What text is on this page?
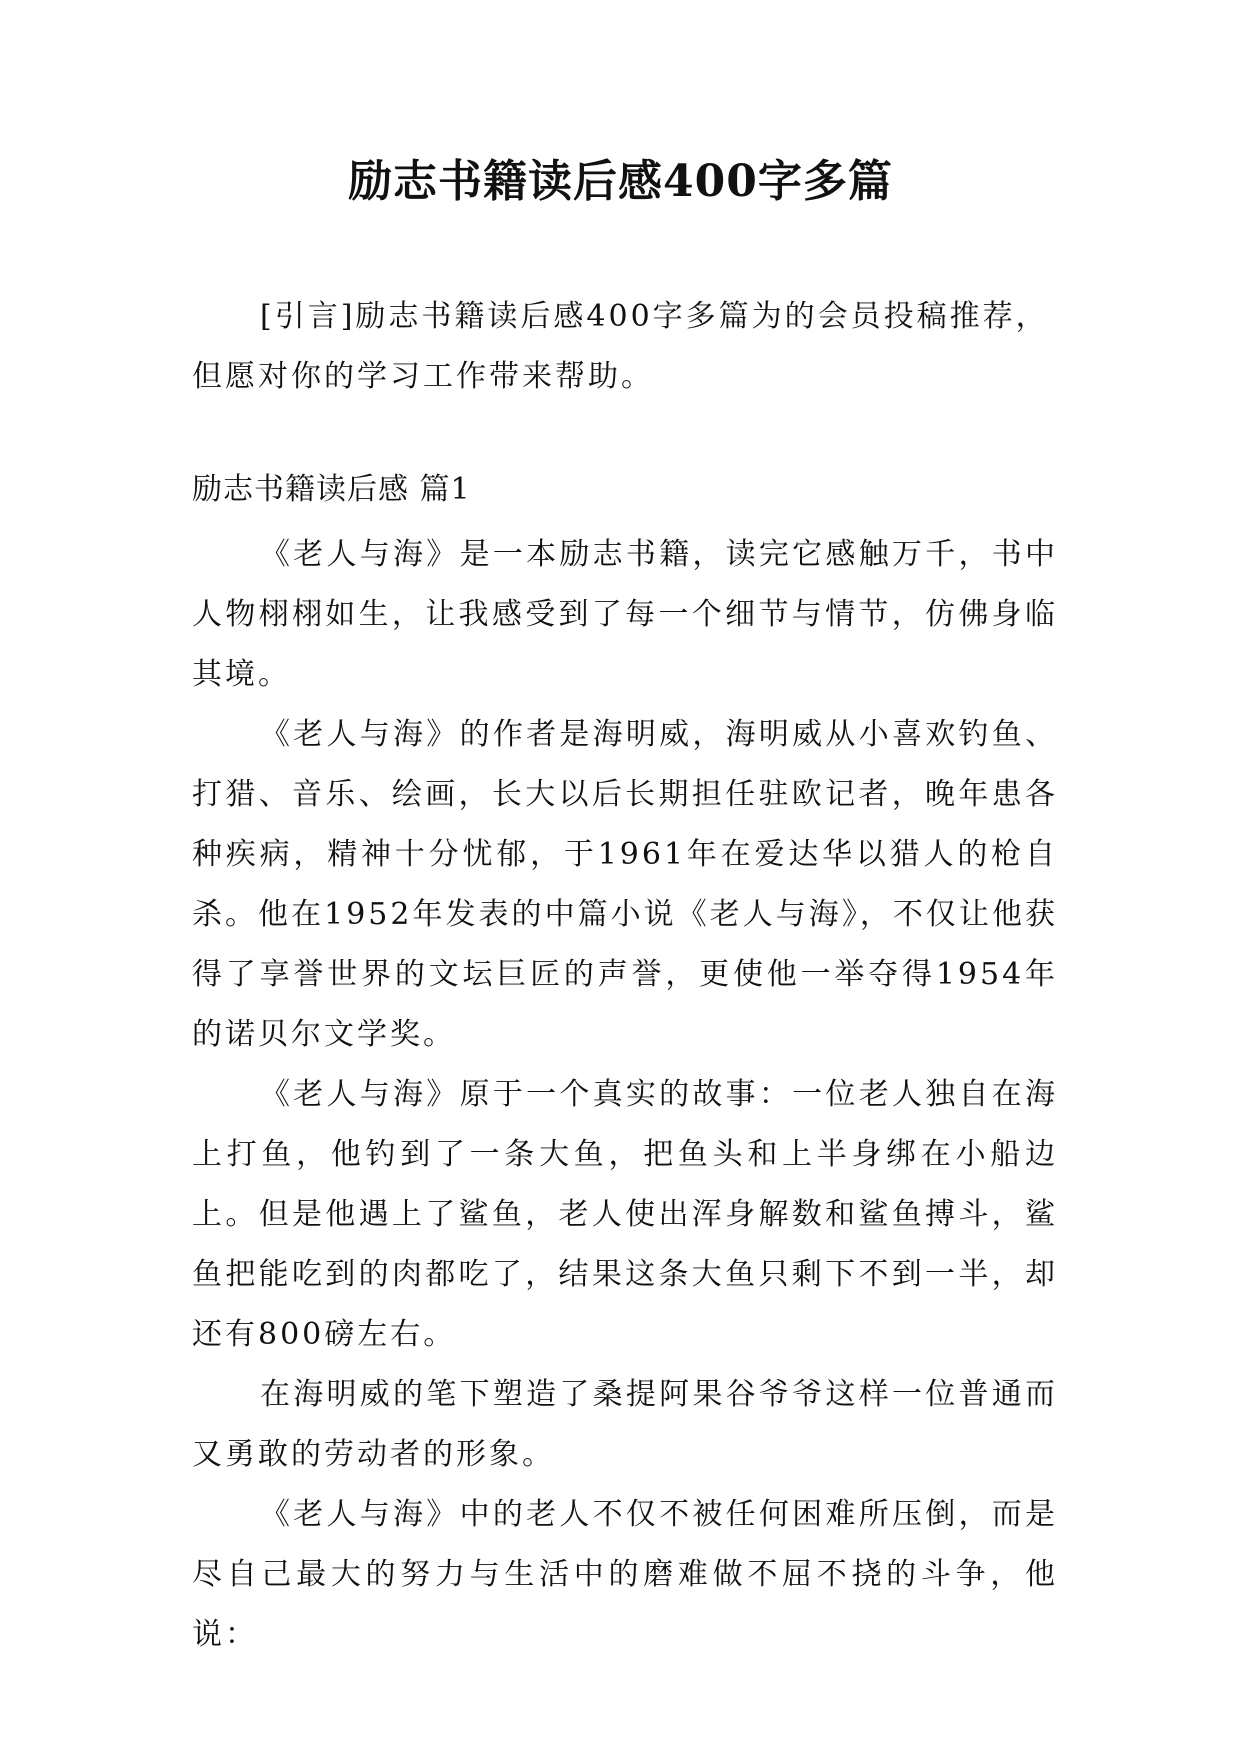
励志书籍读后感400字多篇

[引言]励志书籍读后感400字多篇为的会员投稿推荐，但愿对你的学习工作带来帮助。

励志书籍读后感 篇1

《老人与海》是一本励志书籍，读完它感触万千，书中人物栩栩如生，让我感受到了每一个细节与情节，仿佛身临其境。

《老人与海》的作者是海明威，海明威从小喜欢钓鱼、打猎、音乐、绘画，长大以后长期担任驻欧记者，晚年患各种疾病，精神十分忧郁，于1961年在爱达华以猎人的枪自杀。他在1952年发表的中篇小说《老人与海》，不仅让他获得了享誉世界的文坛巨匠的声誉，更使他一举夺得1954年的诺贝尔文学奖。

《老人与海》原于一个真实的故事：一位老人独自在海上打鱼，他钓到了一条大鱼，把鱼头和上半身绑在小船边上。但是他遇上了鲨鱼，老人使出浑身解数和鲨鱼搏斗，鲨鱼把能吃到的肉都吃了，结果这条大鱼只剩下不到一半，却还有800磅左右。

在海明威的笔下塑造了桑提阿果谷爷爷这样一位普通而又勇敢的劳动者的形象。

《老人与海》中的老人不仅不被任何困难所压倒，而是尽自己最大的努力与生活中的磨难做不屈不挠的斗争，他说：
